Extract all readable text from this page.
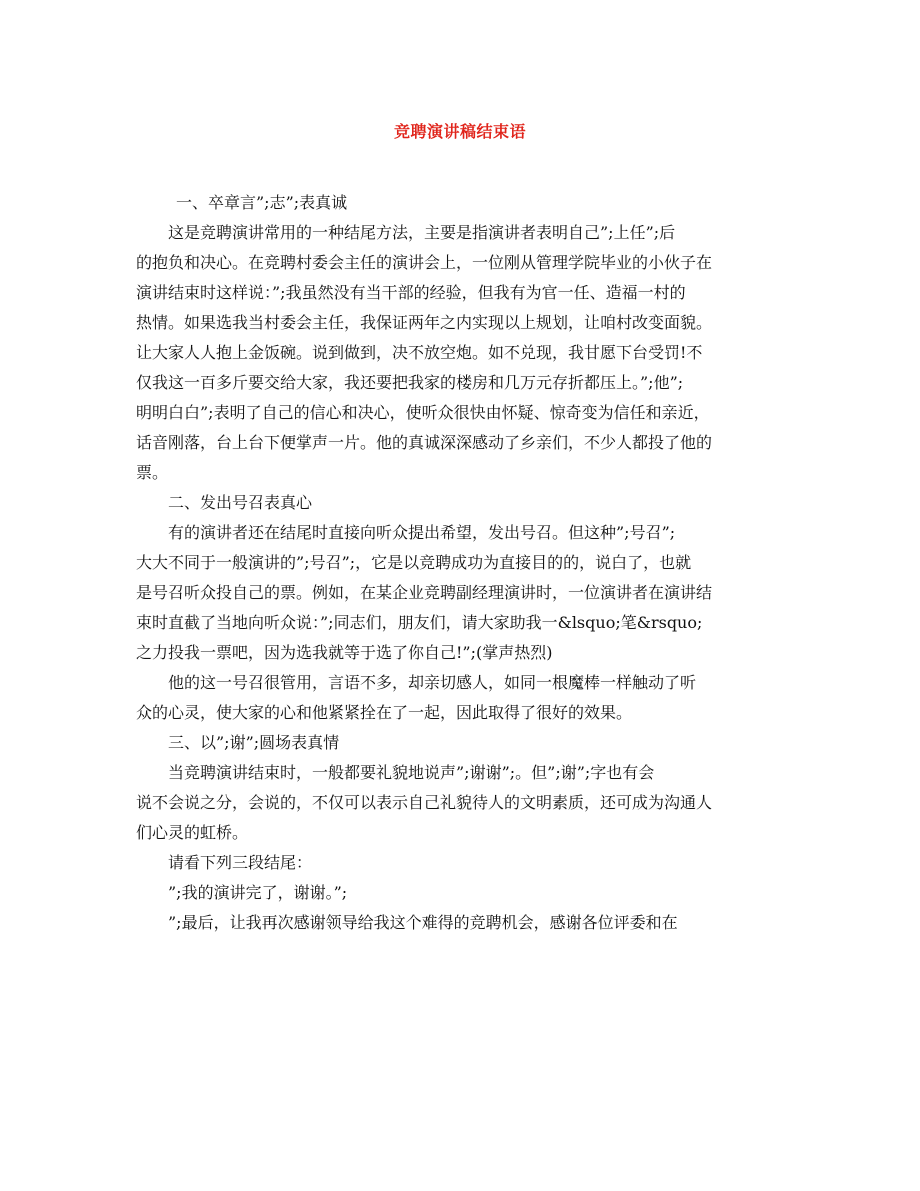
竞聘演讲稿结束语

一、卒章言”;志”;表真诚

这是竞聘演讲常用的一种结尾方法，主要是指演讲者表明自己”;上任”;后
的抱负和决心。在竞聘村委会主任的演讲会上，一位刚从管理学院毕业的小伙子在
演讲结束时这样说：”;我虽然没有当干部的经验，但我有为官一任、造福一村的
热情。如果选我当村委会主任，我保证两年之内实现以上规划，让咱村改变面貌。
让大家人人抱上金饭碗。说到做到，决不放空炮。如不兑现，我甘愿下台受罚!不
仅我这一百多斤要交给大家，我还要把我家的楼房和几万元存折都压上。”;他”;
明明白白”;表明了自己的信心和决心，使听众很快由怀疑、惊奇变为信任和亲近，
话音刚落，台上台下便掌声一片。他的真诚深深感动了乡亲们，不少人都投了他的
票。

二、发出号召表真心

有的演讲者还在结尾时直接向听众提出希望，发出号召。但这种”;号召”;
大大不同于一般演讲的”;号召”;，它是以竞聘成功为直接目的的，说白了，也就
是号召听众投自己的票。例如，在某企业竞聘副经理演讲时，一位演讲者在演讲结
束时直截了当地向听众说：”;同志们，朋友们，请大家助我一&lsquo;笔&rsquo;
之力投我一票吧，因为选我就等于选了你自己!”;(掌声热烈)

他的这一号召很管用，言语不多，却亲切感人，如同一根魔棒一样触动了听
众的心灵，使大家的心和他紧紧拴在了一起，因此取得了很好的效果。

三、以”;谢”;圆场表真情

当竞聘演讲结束时，一般都要礼貌地说声”;谢谢”;。但”;谢”;字也有会
说不会说之分，会说的，不仅可以表示自己礼貌待人的文明素质，还可成为沟通人
们心灵的虹桥。

请看下列三段结尾：

”;我的演讲完了，谢谢。”;

”;最后，让我再次感谢领导给我这个难得的竞聘机会，感谢各位评委和在
